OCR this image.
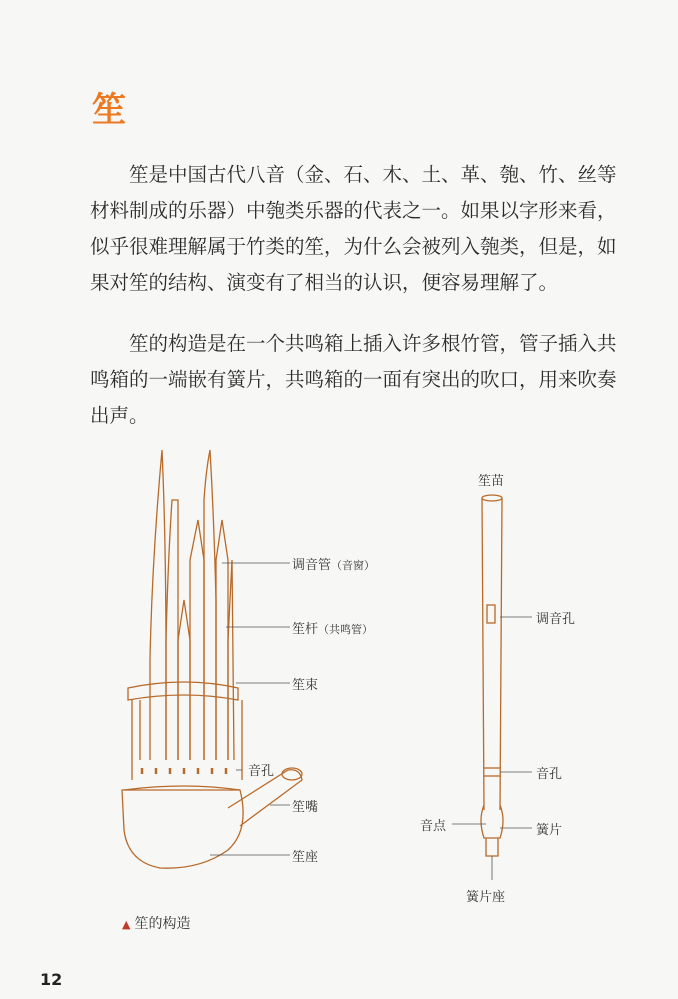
笙
笙是中国古代八音（金、石、木、土、革、匏、竹、丝等
材料制成的乐器）中匏类乐器的代表之一。如果以字形来看，
似乎很难理解属于竹类的笙，为什么会被列入匏类，但是，如
果对笙的结构、演变有了相当的认识，便容易理解了。
笙的构造是在一个共鸣箱上插入许多根竹管，管子插入共
鸣箱的一端嵌有簧片，共鸣箱的一面有突出的吹口，用来吹奏
出声。
调音管（音窗）
笙杆（共鸣管）
笙束
音孔
笙嘴
笙座
笙苗
调音孔
音孔
音点	簧片
簧片座
▲ 笙的构造
12
